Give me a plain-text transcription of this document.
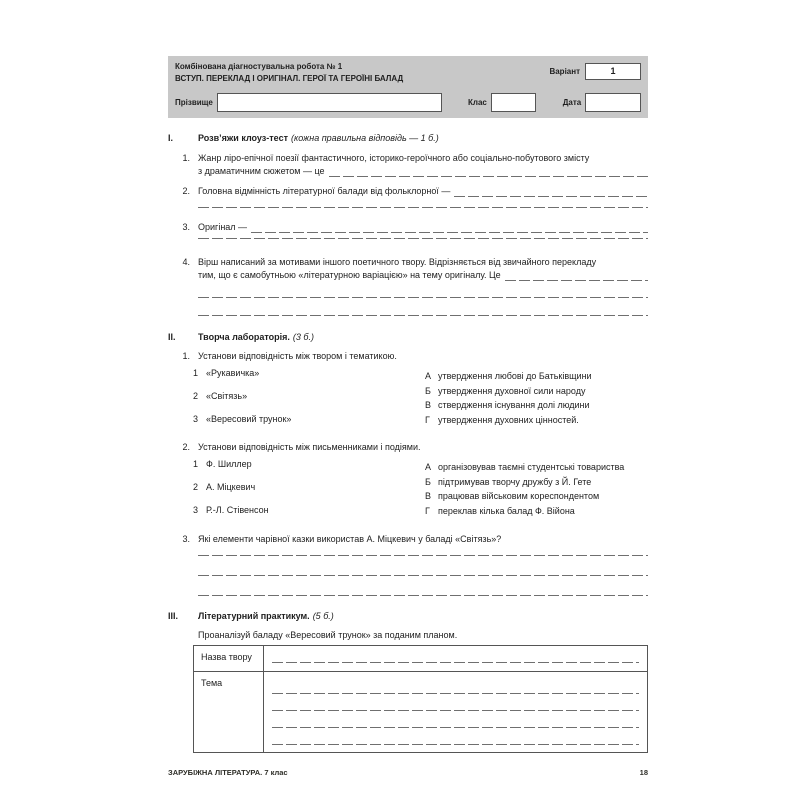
Комбінована діагностувальна робота № 1
ВСТУП. ПЕРЕКЛАД І ОРИГІНАЛ. ГЕРОЇ ТА ГЕРОЇНІ БАЛАД
Варіант	1
Прізвище	Клас	Дата
I.	Розв’яжи клоуз-тест (кожна правильна відповідь — 1 б.)
1. Жанр ліро-епічної поезії фантастичного, історико-героїчного або соціально-побутового змісту
з драматичним сюжетом — це
2. Головна відмінність літературної балади від фольклорної —
3. Оригінал —
4. Вірш написаний за мотивами іншого поетичного твору. Відрізняється від звичайного перекладу
тим, що є самобутньою «літературною варіацією» на тему оригіналу. Це
II.	Творча лабораторія. (3 б.)
1. Установи відповідність між твором і тематикою.
1 «Рукавичка»
2 «Світязь»
3 «Вересовий трунок»
А утвердження любові до Батьківщини
Б утвердження духовної сили народу
В ствердження існування долі людини
Г утвердження духовних цінностей.
2. Установи відповідність між письменниками і подіями.
1 Ф. Шиллер
2 А. Міцкевич
3 Р.-Л. Стівенсон
А організовував таємні студентські товариства
Б підтримував творчу дружбу з Й. Гете
В працював військовим кореспондентом
Г переклав кілька балад Ф. Війона
3. Які елементи чарівної казки використав А. Міцкевич у баладі «Світязь»?
III.	Літературний практикум. (5 б.)
Проаналізуй баладу «Вересовий трунок» за поданим планом.
Назва твору
Тема
ЗАРУБІЖНА ЛІТЕРАТУРА. 7 клас	18
